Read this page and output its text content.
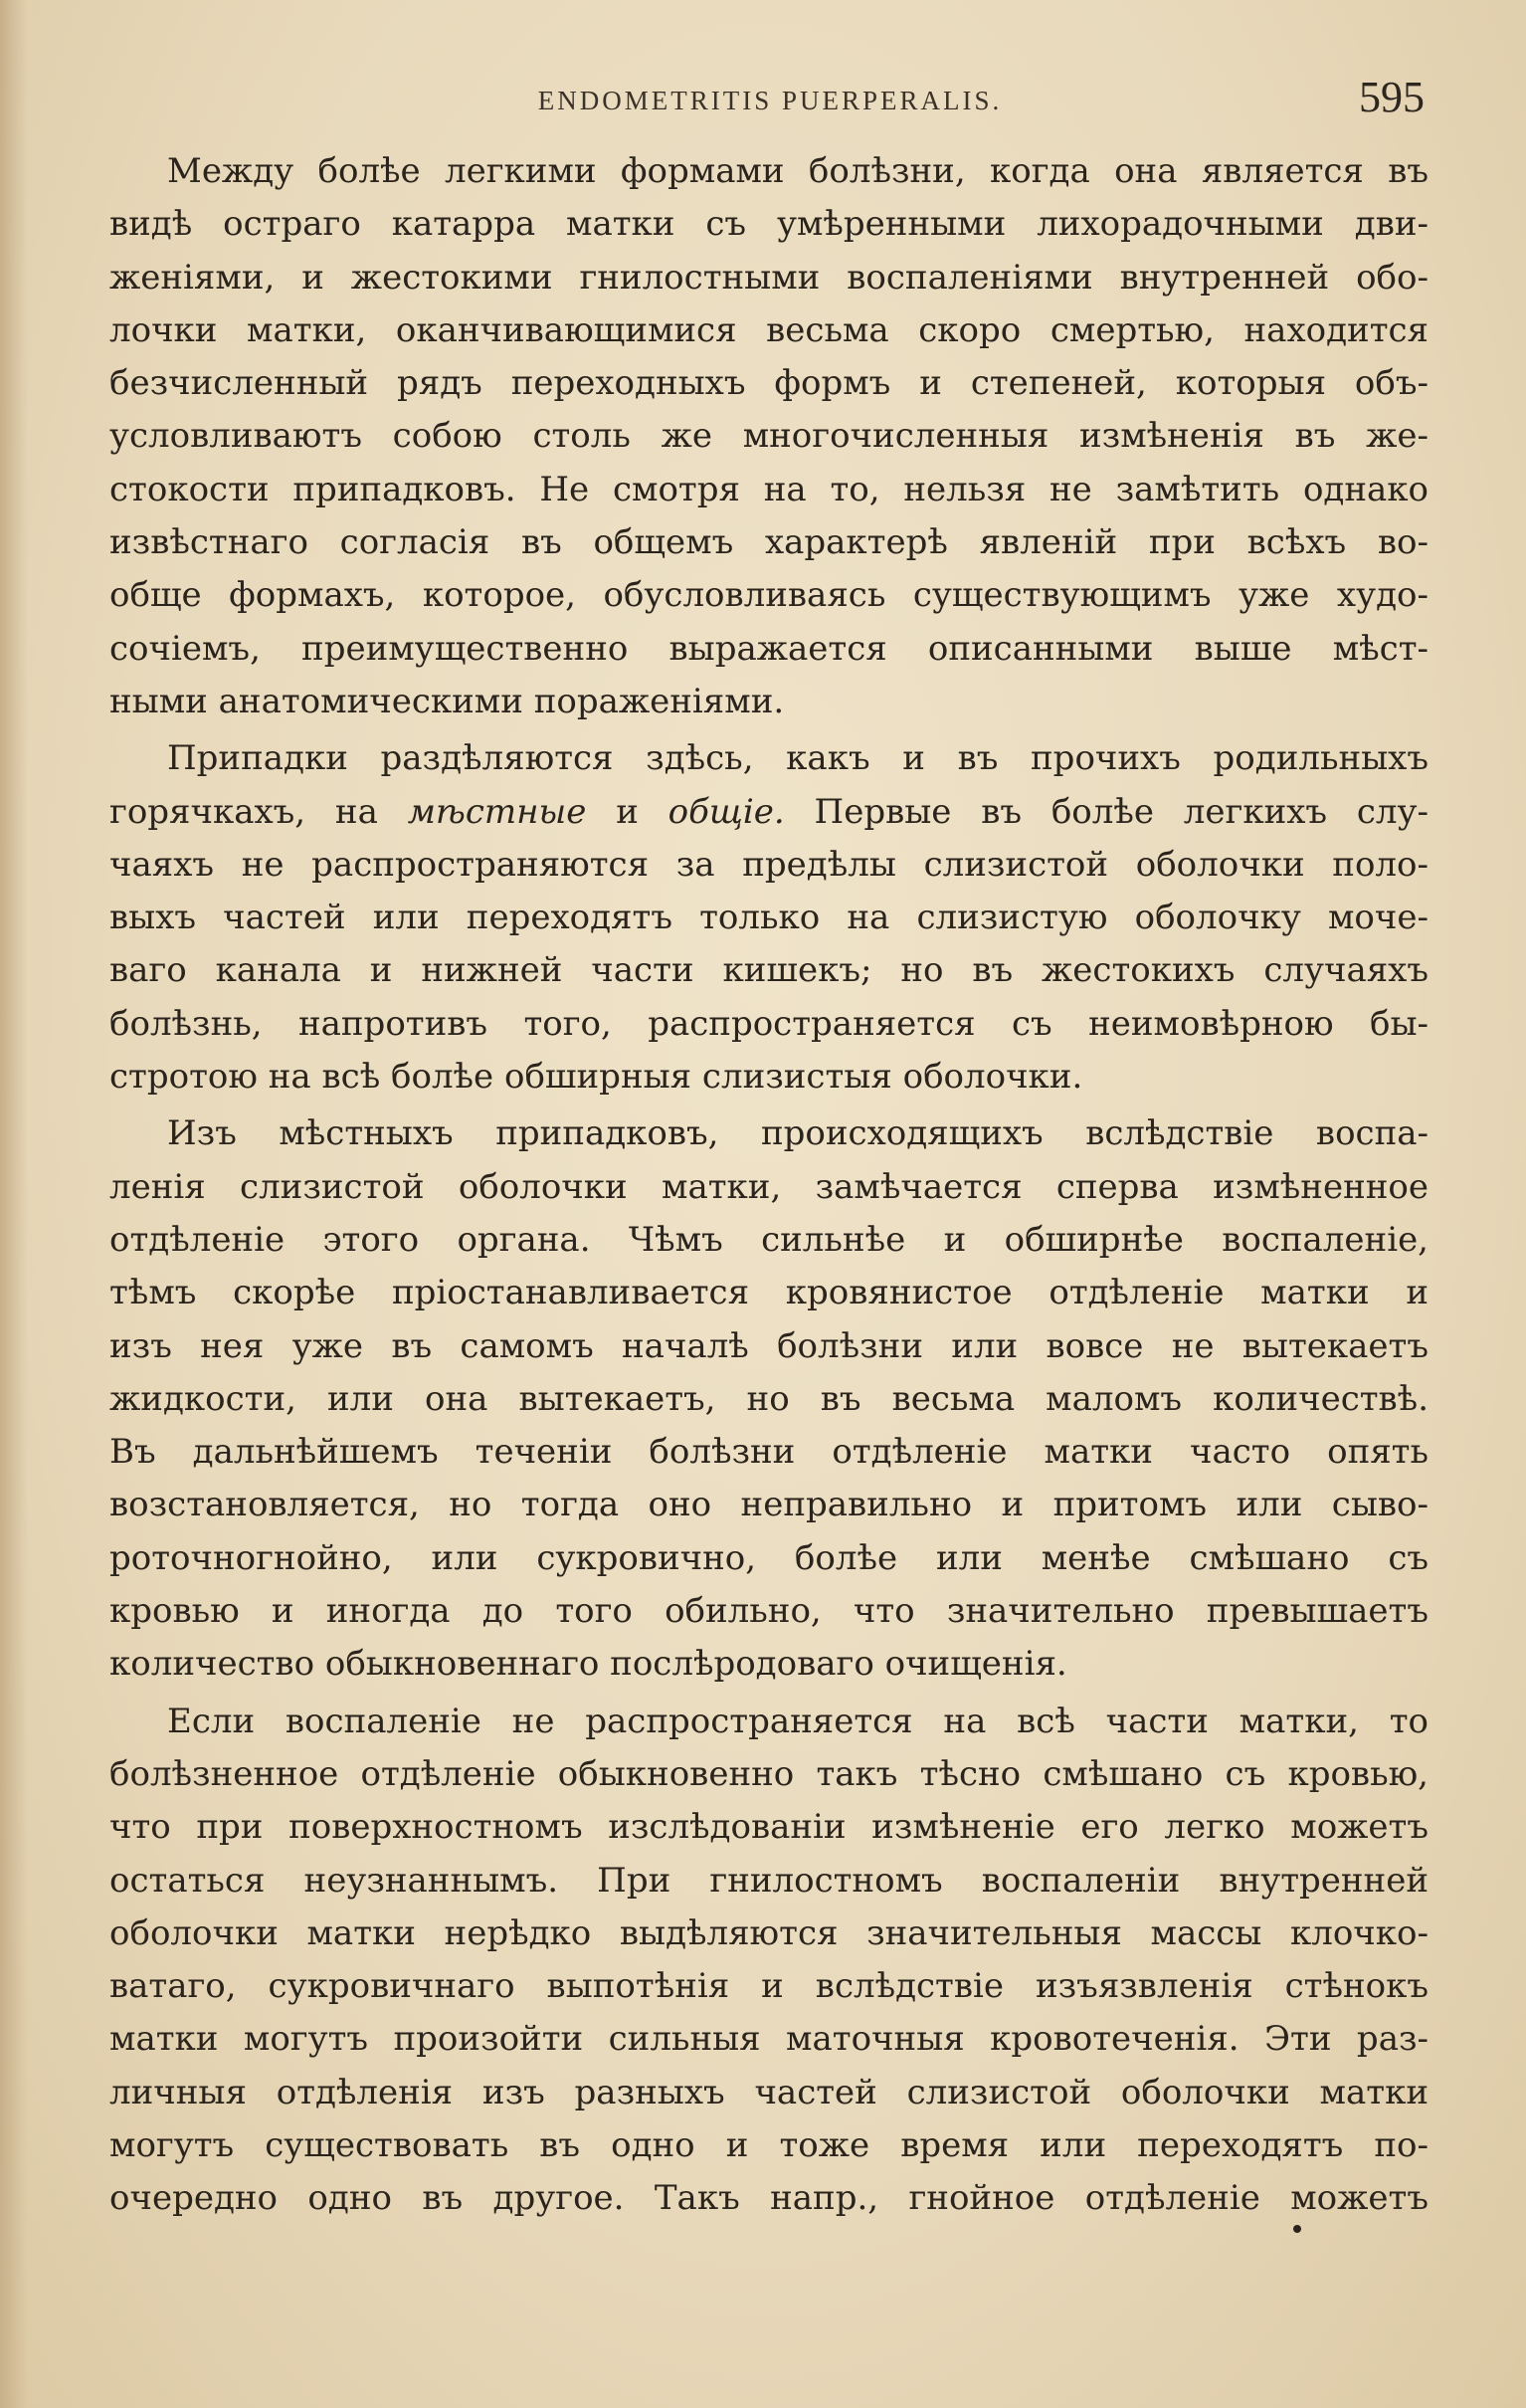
ENDOMETRITIS PUERPERALIS.	595
Между болѣе легкими формами болѣзни, когда она является въ
видѣ остраго катарра матки съ умѣренными лихорадочными дви-
женіями, и жестокими гнилостными воспаленіями внутренней обо-
лочки матки, оканчивающимися весьма скоро смертью, находится
безчисленный рядъ переходныхъ формъ и степеней, которыя объ-
условливаютъ собою столь же многочисленныя измѣненія въ же-
стокости припадковъ. Не смотря на то, нельзя не замѣтить однако
извѣстнаго согласія въ общемъ характерѣ явленій при всѣхъ во-
обще формахъ, которое, обусловливаясь существующимъ уже худо-
сочіемъ, преимущественно выражается описанными выше мѣст-
ными анатомическими пораженіями.
Припадки раздѣляются здѣсь, какъ и въ прочихъ родильныхъ
горячкахъ, на мѣстные и общіе. Первые въ болѣе легкихъ слу-
чаяхъ не распространяются за предѣлы слизистой оболочки поло-
выхъ частей или переходятъ только на слизистую оболочку моче-
ваго канала и нижней части кишекъ; но въ жестокихъ случаяхъ
болѣзнь, напротивъ того, распространяется съ неимовѣрною бы-
стротою на всѣ болѣе обширныя слизистыя оболочки.
Изъ мѣстныхъ припадковъ, происходящихъ вслѣдствіе воспа-
ленія слизистой оболочки матки, замѣчается сперва измѣненное
отдѣленіе этого органа. Чѣмъ сильнѣе и обширнѣе воспаленіе,
тѣмъ скорѣе пріостанавливается кровянистое отдѣленіе матки и
изъ нея уже въ самомъ началѣ болѣзни или вовсе не вытекаетъ
жидкости, или она вытекаетъ, но въ весьма маломъ количествѣ.
Въ дальнѣйшемъ теченіи болѣзни отдѣленіе матки часто опять
возстановляется, но тогда оно неправильно и притомъ или сыво-
роточногнойно, или сукровично, болѣе или менѣе смѣшано съ
кровью и иногда до того обильно, что значительно превышаетъ
количество обыкновеннаго послѣродоваго очищенія.
Если воспаленіе не распространяется на всѣ части матки, то
болѣзненное отдѣленіе обыкновенно такъ тѣсно смѣшано съ кровью,
что при поверхностномъ изслѣдованіи измѣненіе его легко можетъ
остаться неузнаннымъ. При гнилостномъ воспаленіи внутренней
оболочки матки нерѣдко выдѣляются значительныя массы клочко-
ватаго, сукровичнаго выпотѣнія и вслѣдствіе изъязвленія стѣнокъ
матки могутъ произойти сильныя маточныя кровотеченія. Эти раз-
личныя отдѣленія изъ разныхъ частей слизистой оболочки матки
могутъ существовать въ одно и тоже время или переходятъ по-
очередно одно въ другое. Такъ напр., гнойное отдѣленіе можетъ
